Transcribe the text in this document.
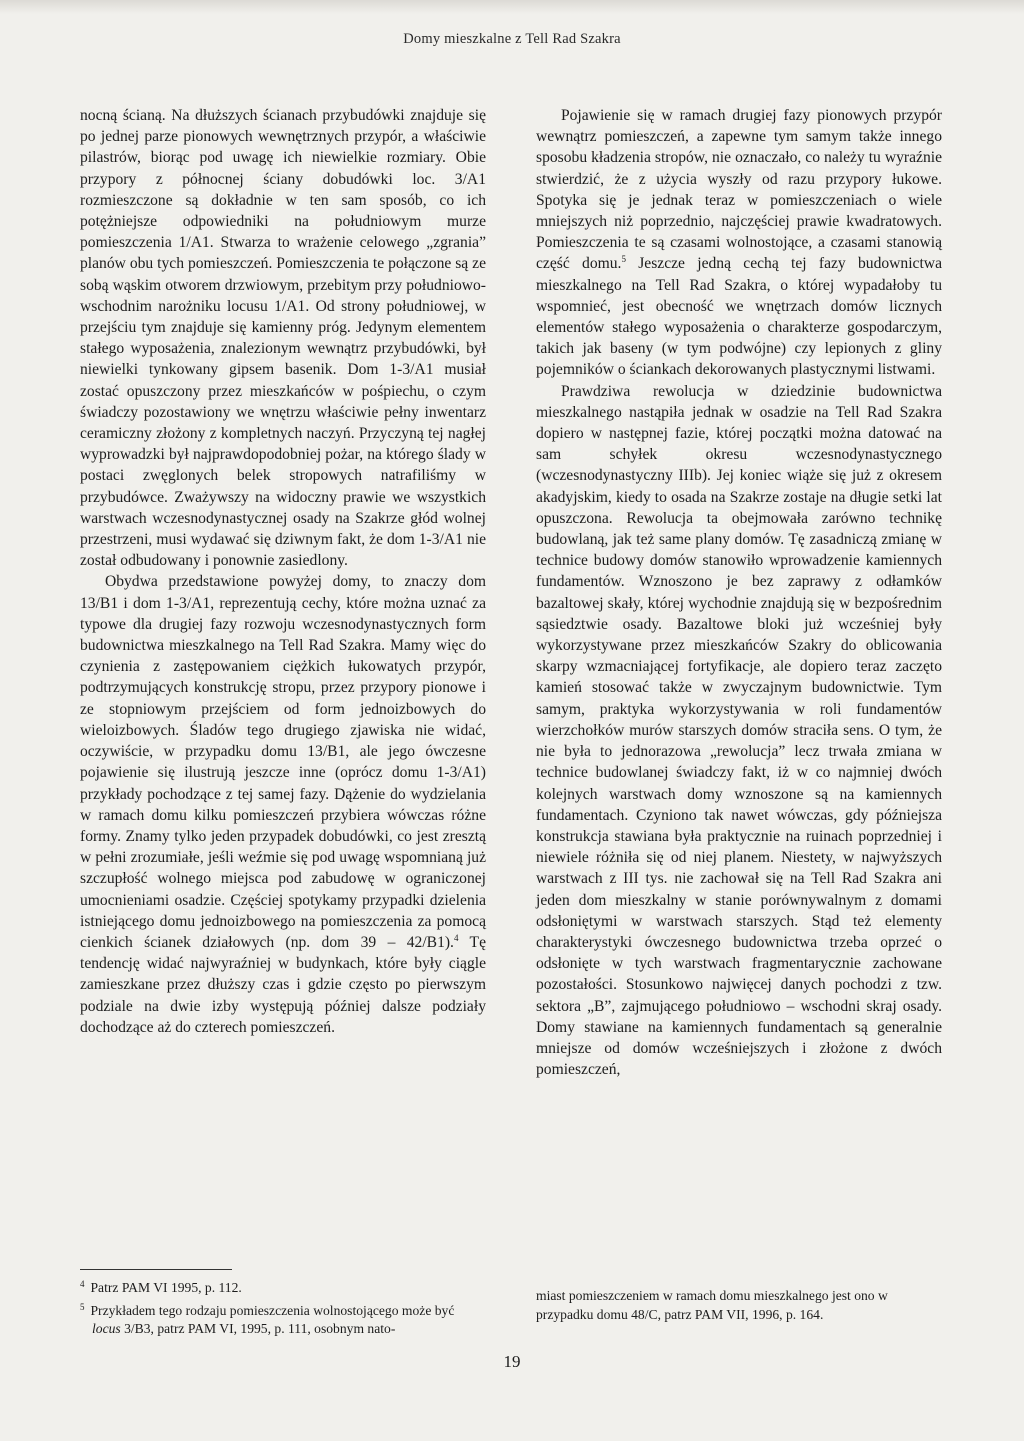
Domy mieszkalne z Tell Rad Szakra

nocną ścianą. Na dłuższych ścianach przybudówki znajduje się po jednej parze pionowych wewnętrznych przypór, a właściwie pilastrów, biorąc pod uwagę ich niewielkie rozmiary. Obie przypory z północnej ściany dobudówki loc. 3/A1 rozmieszczone są dokładnie w ten sam sposób, co ich potężniejsze odpowiedniki na południowym murze pomieszczenia 1/A1. Stwarza to wrażenie celowego „zgrania” planów obu tych pomieszczeń. Pomieszczenia te połączone są ze sobą wąskim otworem drzwiowym, przebitym przy południowo-wschodnim narożniku locusu 1/A1. Od strony południowej, w przejściu tym znajduje się kamienny próg. Jedynym elementem stałego wyposażenia, znalezionym wewnątrz przybudówki, był niewielki tynkowany gipsem basenik. Dom 1-3/A1 musiał zostać opuszczony przez mieszkańców w pośpiechu, o czym świadczy pozostawiony we wnętrzu właściwie pełny inwentarz ceramiczny złożony z kompletnych naczyń. Przyczyną tej nagłej wyprowadzki był najprawdopodobniej pożar, na którego ślady w postaci zwęglonych belek stropowych natrafiliśmy w przybudówce. Zważywszy na widoczny prawie we wszystkich warstwach wczesnodynastycznej osady na Szakrze głód wolnej przestrzeni, musi wydawać się dziwnym fakt, że dom 1-3/A1 nie został odbudowany i ponownie zasiedlony.

Obydwa przedstawione powyżej domy, to znaczy dom 13/B1 i dom 1-3/A1, reprezentują cechy, które można uznać za typowe dla drugiej fazy rozwoju wczesnodynastycznych form budownictwa mieszkalnego na Tell Rad Szakra. Mamy więc do czynienia z zastępowaniem ciężkich łukowatych przypór, podtrzymujących konstrukcję stropu, przez przypory pionowe i ze stopniowym przejściem od form jednoizbowych do wieloizbowych. Śladów tego drugiego zjawiska nie widać, oczywiście, w przypadku domu 13/B1, ale jego ówczesne pojawienie się ilustrują jeszcze inne (oprócz domu 1-3/A1) przykłady pochodzące z tej samej fazy. Dążenie do wydzielania w ramach domu kilku pomieszczeń przybiera wówczas różne formy. Znamy tylko jeden przypadek dobudówki, co jest zresztą w pełni zrozumiałe, jeśli weźmie się pod uwagę wspomnianą już szczupłość wolnego miejsca pod zabudowę w ograniczonej umocnieniami osadzie. Częściej spotykamy przypadki dzielenia istniejącego domu jednoizbowego na pomieszczenia za pomocą cienkich ścianek działowych (np. dom 39 – 42/B1).$^4$ Tę tendencję widać najwyraźniej w budynkach, które były ciągle zamieszkane przez dłuższy czas i gdzie często po pierwszym podziale na dwie izby występują później dalsze podziały dochodzące aż do czterech pomieszczeń.

Pojawienie się w ramach drugiej fazy pionowych przypór wewnątrz pomieszczeń, a zapewne tym samym także innego sposobu kładzenia stropów, nie oznaczało, co należy tu wyraźnie stwierdzić, że z użycia wyszły od razu przypory łukowe. Spotyka się je jednak teraz w pomieszczeniach o wiele mniejszych niż poprzednio, najczęściej prawie kwadratowych. Pomieszczenia te są czasami wolnostojące, a czasami stanowią część domu.$^5$ Jeszcze jedną cechą tej fazy budownictwa mieszkalnego na Tell Rad Szakra, o której wypadałoby tu wspomnieć, jest obecność we wnętrzach domów licznych elementów stałego wyposażenia o charakterze gospodarczym, takich jak baseny (w tym podwójne) czy lepionych z gliny pojemników o ściankach dekorowanych plastycznymi listwami.

Prawdziwa rewolucja w dziedzinie budownictwa mieszkalnego nastąpiła jednak w osadzie na Tell Rad Szakra dopiero w następnej fazie, której początki można datować na sam schyłek okresu wczesnodynastycznego (wczesnodynastyczny IIIb). Jej koniec wiąże się już z okresem akadyjskim, kiedy to osada na Szakrze zostaje na długie setki lat opuszczona. Rewolucja ta obejmowała zarówno technikę budowlaną, jak też same plany domów. Tę zasadniczą zmianę w technice budowy domów stanowiło wprowadzenie kamiennych fundamentów. Wznoszono je bez zaprawy z odłamków bazaltowej skały, której wychodnie znajdują się w bezpośrednim sąsiedztwie osady. Bazaltowe bloki już wcześniej były wykorzystywane przez mieszkańców Szakry do oblicowania skarpy wzmacniającej fortyfikacje, ale dopiero teraz zaczęto kamień stosować także w zwyczajnym budownictwie. Tym samym, praktyka wykorzystywania w roli fundamentów wierzchołków murów starszych domów straciła sens. O tym, że nie była to jednorazowa „rewolucja” lecz trwała zmiana w technice budowlanej świadczy fakt, iż w co najmniej dwóch kolejnych warstwach domy wznoszone są na kamiennych fundamentach. Czyniono tak nawet wówczas, gdy późniejsza konstrukcja stawiana była praktycznie na ruinach poprzedniej i niewiele różniła się od niej planem. Niestety, w najwyższych warstwach z III tys. nie zachował się na Tell Rad Szakra ani jeden dom mieszkalny w stanie porównywalnym z domami odsłoniętymi w warstwach starszych. Stąd też elementy charakterystyki ówczesnego budownictwa trzeba oprzeć o odsłonięte w tych warstwach fragmentarycznie zachowane pozostałości. Stosunkowo najwięcej danych pochodzi z tzw. sektora „B”, zajmującego południowo – wschodni skraj osady. Domy stawiane na kamiennych fundamentach są generalnie mniejsze od domów wcześniejszych i złożone z dwóch pomieszczeń,

$^4$ Patrz PAM VI 1995, p. 112.

$^5$ Przykładem tego rodzaju pomieszczenia wolnostojącego może być locus 3/B3, patrz PAM VI, 1995, p. 111, osobnym nato-

miast pomieszczeniem w ramach domu mieszkalnego jest ono w przypadku domu 48/C, patrz PAM VII, 1996, p. 164.

19
